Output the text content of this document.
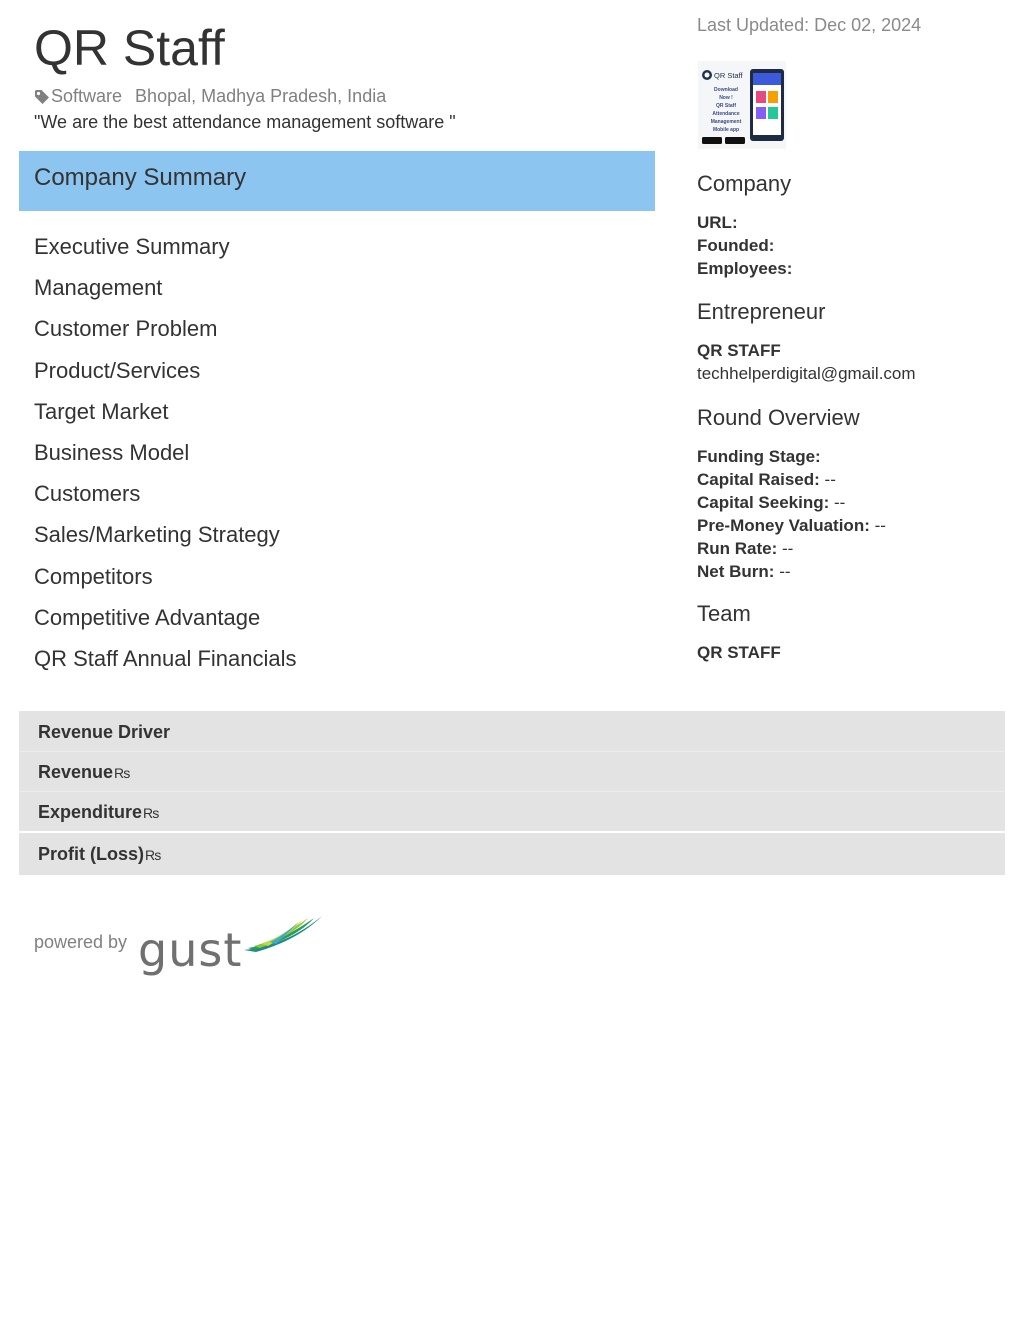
QR Staff
Software Bhopal, Madhya Pradesh, India
"We are the best attendance management software "
Company Summary
Executive Summary
Management
Customer Problem
Product/Services
Target Market
Business Model
Customers
Sales/Marketing Strategy
Competitors
Competitive Advantage
QR Staff Annual Financials
Last Updated: Dec 02, 2024
QR Staff
Download
Now !
QR Staff
Attendance
Management
Mobile app
Company
URL:
Founded:
Employees:
Entrepreneur
QR STAFF
techhelperdigital@gmail.com
Round Overview
Funding Stage:
Capital Raised: --
Capital Seeking: --
Pre-Money Valuation: --
Run Rate: --
Net Burn: --
Team
QR STAFF
Revenue Driver
Revenue₨
Expenditure₨
Profit (Loss)₨
powered by gust
